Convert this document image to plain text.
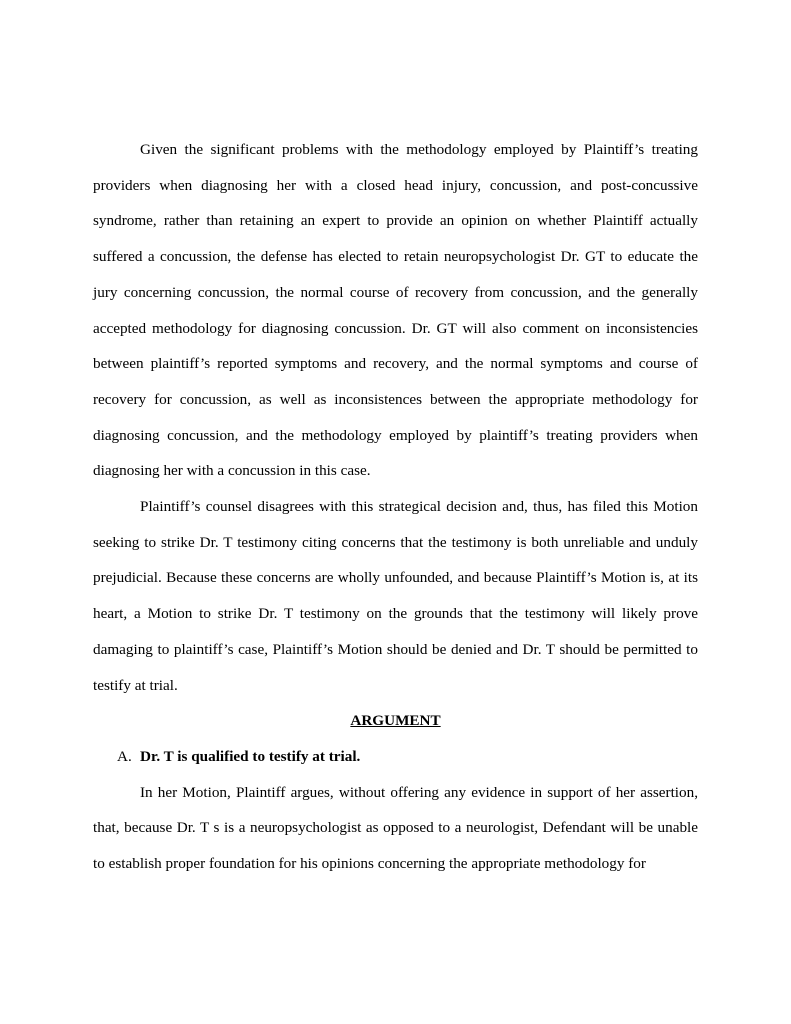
Given the significant problems with the methodology employed by Plaintiff’s treating providers when diagnosing her with a closed head injury, concussion, and post-concussive syndrome, rather than retaining an expert to provide an opinion on whether Plaintiff actually suffered a concussion, the defense has elected to retain neuropsychologist Dr. GT to educate the jury concerning concussion, the normal course of recovery from concussion, and the generally accepted methodology for diagnosing concussion. Dr. GT will also comment on inconsistencies between plaintiff’s reported symptoms and recovery, and the normal symptoms and course of recovery for concussion, as well as inconsistences between the appropriate methodology for diagnosing concussion, and the methodology employed by plaintiff’s treating providers when diagnosing her with a concussion in this case.

Plaintiff’s counsel disagrees with this strategical decision and, thus, has filed this Motion seeking to strike Dr. T testimony citing concerns that the testimony is both unreliable and unduly prejudicial. Because these concerns are wholly unfounded, and because Plaintiff’s Motion is, at its heart, a Motion to strike Dr. T testimony on the grounds that the testimony will likely prove damaging to plaintiff’s case, Plaintiff’s Motion should be denied and Dr. T should be permitted to testify at trial.

ARGUMENT

A. Dr. T is qualified to testify at trial.

In her Motion, Plaintiff argues, without offering any evidence in support of her assertion, that, because Dr. T s is a neuropsychologist as opposed to a neurologist, Defendant will be unable to establish proper foundation for his opinions concerning the appropriate methodology for
